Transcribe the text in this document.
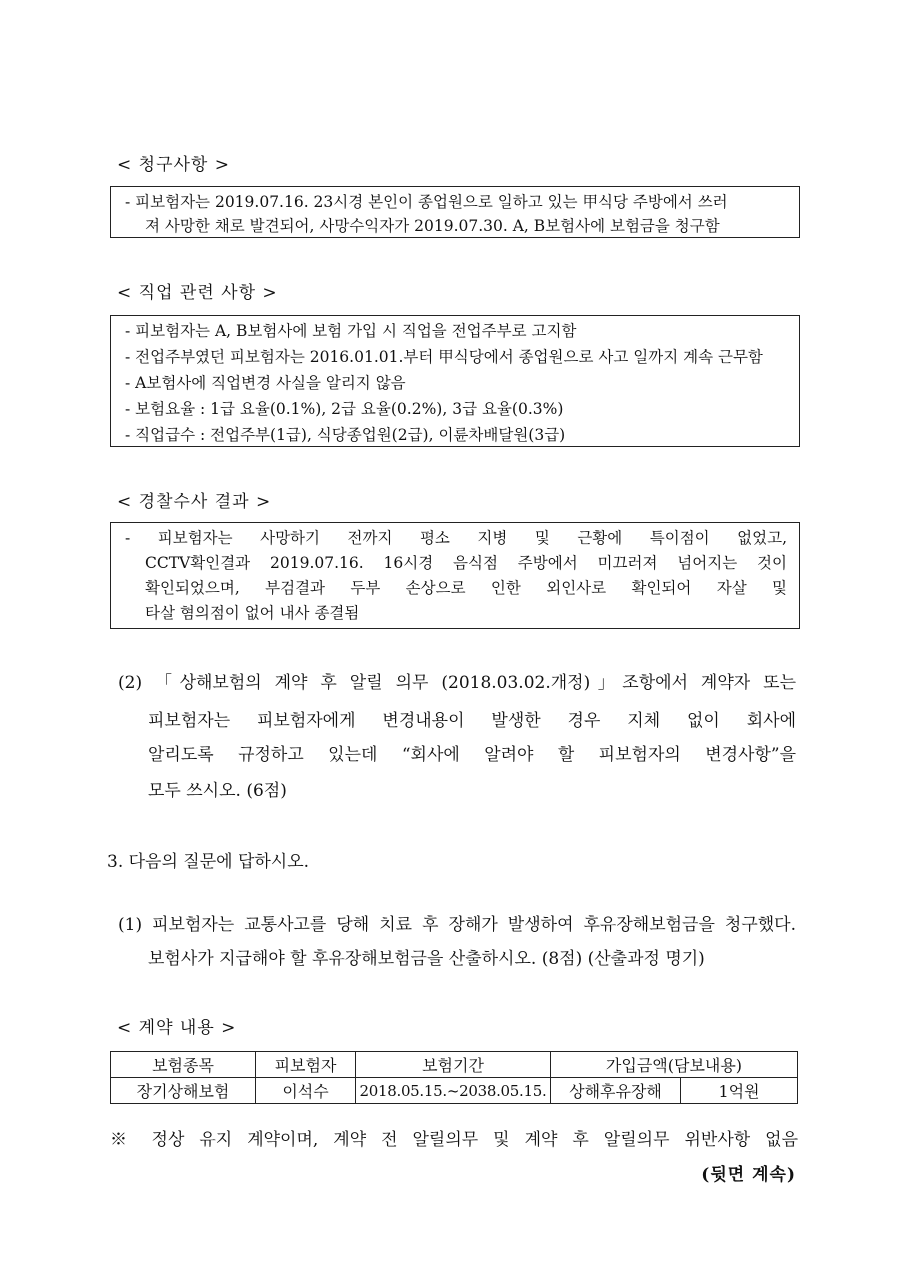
< 청구사항 >
- 피보험자는 2019.07.16. 23시경 본인이 종업원으로 일하고 있는 甲식당 주방에서 쓰러
져 사망한 채로 발견되어, 사망수익자가 2019.07.30. A, B보험사에 보험금을 청구함
< 직업 관련 사항 >
- 피보험자는 A, B보험사에 보험 가입 시 직업을 전업주부로 고지함
- 전업주부였던 피보험자는 2016.01.01.부터 甲식당에서 종업원으로 사고 일까지 계속 근무함
- A보험사에 직업변경 사실을 알리지 않음
- 보험요율 : 1급 요율(0.1%), 2급 요율(0.2%), 3급 요율(0.3%)
- 직업급수 : 전업주부(1급), 식당종업원(2급), 이륜차배달원(3급)
< 경찰수사 결과 >
- 피보험자는 사망하기 전까지 평소 지병 및 근황에 특이점이 없었고,
CCTV확인결과 2019.07.16. 16시경 음식점 주방에서 미끄러져 넘어지는 것이
확인되었으며, 부검결과 두부 손상으로 인한 외인사로 확인되어 자살 및
타살 혐의점이 없어 내사 종결됨
(2) 「상해보험의 계약 후 알릴 의무 (2018.03.02.개정)」조항에서 계약자 또는
피보험자는 피보험자에게 변경내용이 발생한 경우 지체 없이 회사에
알리도록 규정하고 있는데 “회사에 알려야 할 피보험자의 변경사항”을
모두 쓰시오. (6점)
3. 다음의 질문에 답하시오.
(1) 피보험자는 교통사고를 당해 치료 후 장해가 발생하여 후유장해보험금을 청구했다.
보험사가 지급해야 할 후유장해보험금을 산출하시오. (8점) (산출과정 명기)
< 계약 내용 >
보험종목	피보험자	보험기간	가입금액(담보내용)	
장기상해보험	이석수	2018.05.15.~2038.05.15.	상해후유장해	1억원
※ 정상 유지 계약이며, 계약 전 알릴의무 및 계약 후 알릴의무 위반사항 없음
(뒷면 계속)
